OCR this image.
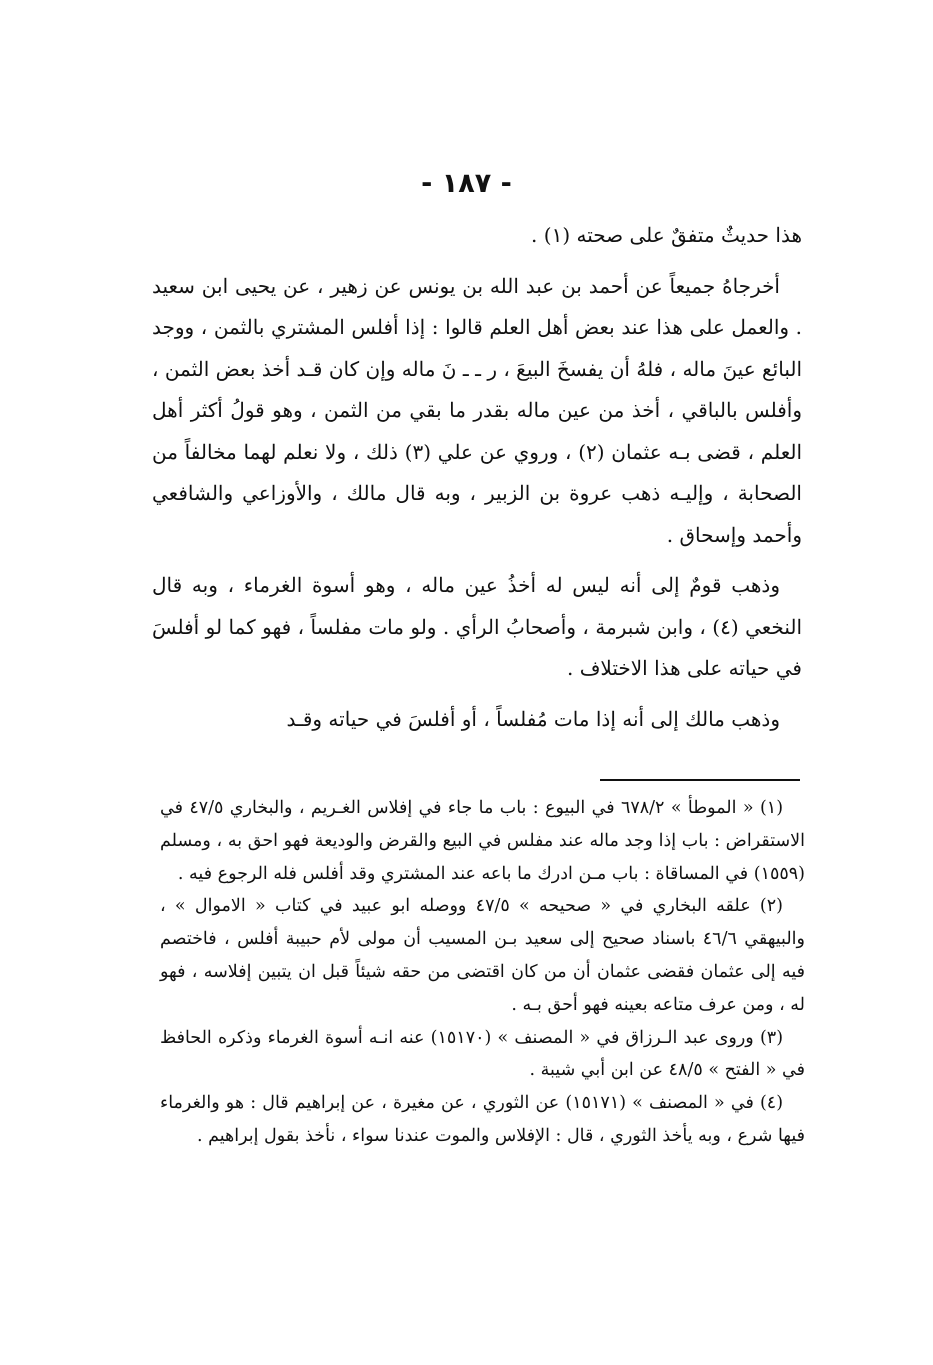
- ١٨٧ -

هذا حديثٌ متفقٌ على صحته (١) .

أخرجاهُ جميعاً عن أحمد بن عبد الله بن يونس عن زهير ، عن يحيى ابن سعيد . والعمل على هذا عند بعض أهل العلم قالوا : إذا أفلس المشتري بالثمن ، ووجد البائع عينَ ماله ، فلهُ أن يفسخَ البيعَ ، ر ـ ـ نَ ماله وإن كان قـد أخذ بعض الثمن ، وأفلس بالباقي ، أخذ من عين ماله بقدر ما بقي من الثمن ، وهو قولُ أكثر أهل العلم ، قضى بـه عثمان (٢) ، وروي عن علي (٣) ذلك ، ولا نعلم لهما مخالفاً من الصحابة ، وإليـه ذهب عروة بن الزبير ، وبه قال مالك ، والأوزاعي والشافعي وأحمد وإسحاق .

وذهب قومٌ إلى أنه ليس له أخذُ عين ماله ، وهو أسوة الغرماء ، وبه قال النخعي (٤) ، وابن شبرمة ، وأصحابُ الرأي . ولو مات مفلساً ، فهو كما لو أفلسَ في حياته على هذا الاختلاف .

وذهب مالك إلى أنه إذا مات مُفلساً ، أو أفلسَ في حياته وقـد

(١) « الموطأ » ٦٧٨/٢ في البيوع : باب ما جاء في إفلاس الغـريم ، والبخاري ٤٧/٥ في الاستقراض : باب إذا وجد ماله عند مفلس في البيع والقرض والوديعة فهو احق به ، ومسلم (١٥٥٩) في المساقاة : باب مـن ادرك ما باعه عند المشتري وقد أفلس فله الرجوع فيه .

(٢) علقه البخاري في « صحيحه » ٤٧/٥ ووصله ابو عبيد في كتاب « الاموال » ، والبيهقي ٤٦/٦ باسناد صحيح إلى سعيد بـن المسيب أن مولى لأم حبيبة أفلس ، فاختصم فيه إلى عثمان فقضى عثمان أن من كان اقتضى من حقه شيئاً قبل ان يتبين إفلاسه ، فهو له ، ومن عرف متاعه بعينه فهو أحق بـه .

(٣) وروى عبد الـرزاق في « المصنف » (١٥١٧٠) عنه انـه أسوة الغرماء وذكره الحافظ في « الفتح » ٤٨/٥ عن ابن أبي شيبة .

(٤) في « المصنف » (١٥١٧١) عن الثوري ، عن مغيرة ، عن إبراهيم قال : هو والغرماء فيها شرع ، وبه يأخذ الثوري ، قال : الإفلاس والموت عندنا سواء ، نأخذ بقول إبراهيم .
